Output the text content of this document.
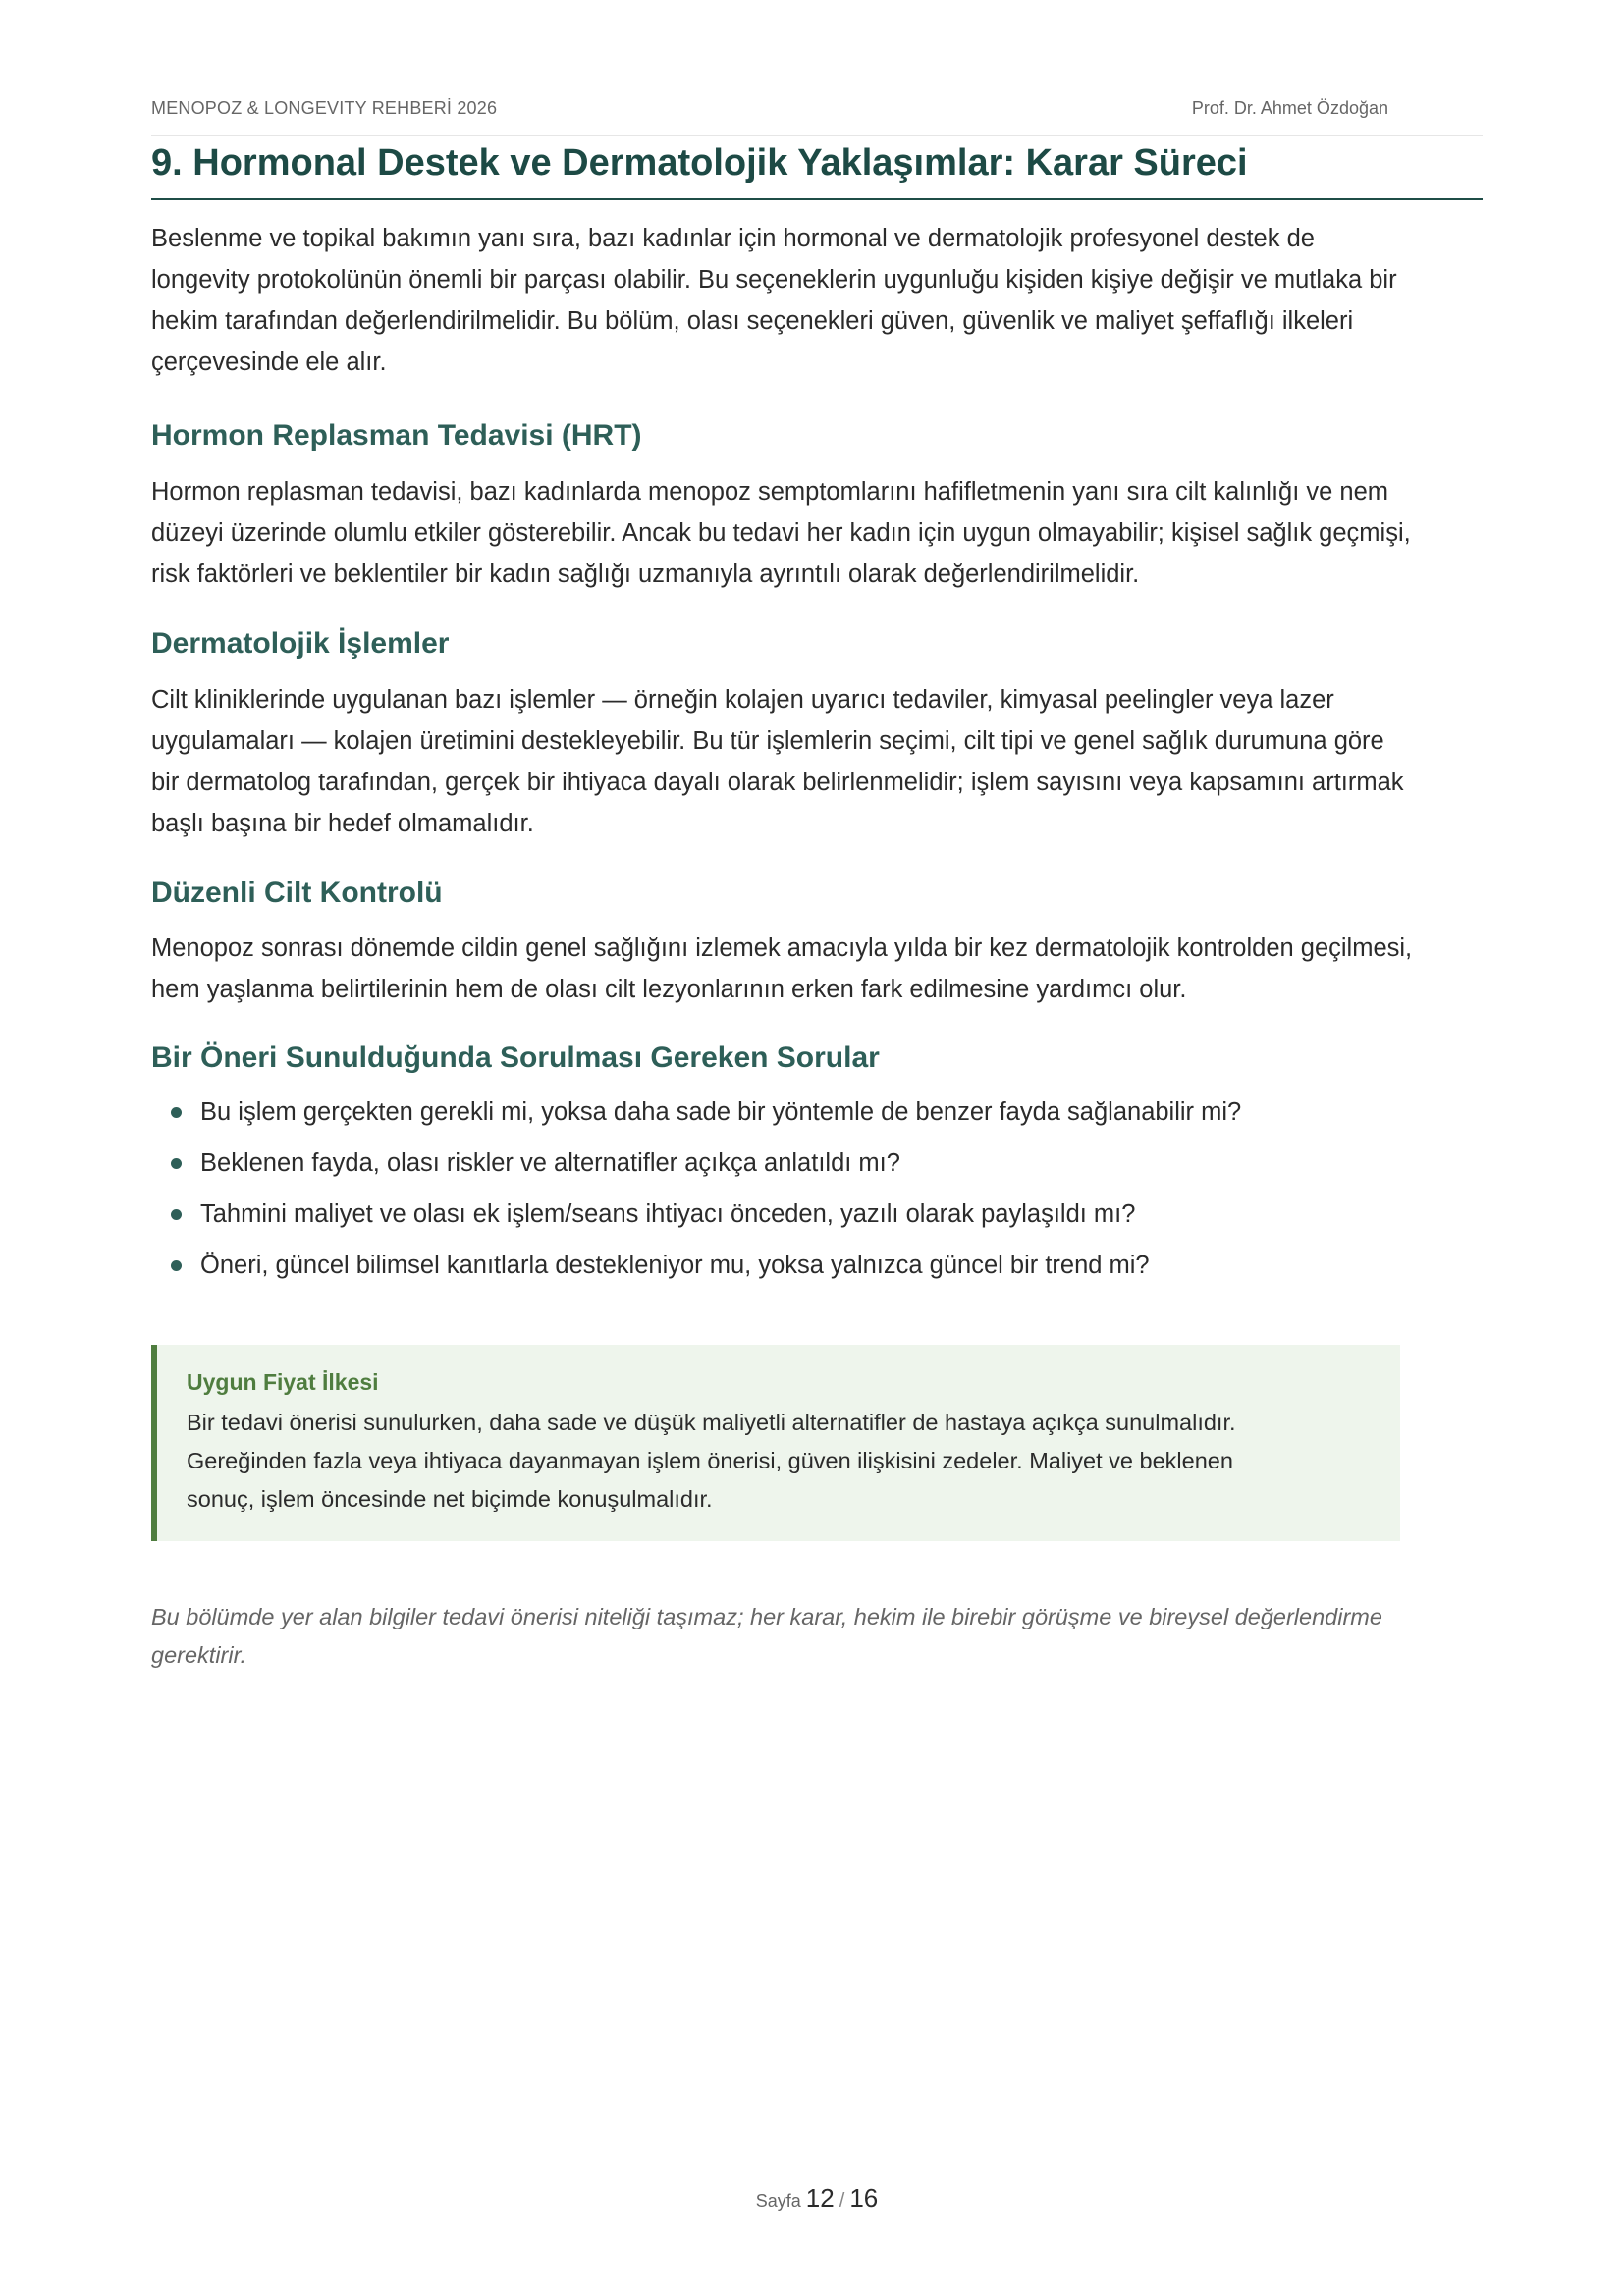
MENOPOZ & LONGEVITY REHBERİ 2026	Prof. Dr. Ahmet Özdoğan
9. Hormonal Destek ve Dermatolojik Yaklaşımlar: Karar Süreci

Beslenme ve topikal bakımın yanı sıra, bazı kadınlar için hormonal ve dermatolojik profesyonel destek de
longevity protokolünün önemli bir parçası olabilir. Bu seçeneklerin uygunluğu kişiden kişiye değişir ve mutlaka bir
hekim tarafından değerlendirilmelidir. Bu bölüm, olası seçenekleri güven, güvenlik ve maliyet şeffaflığı ilkeleri
çerçevesinde ele alır.

Hormon Replasman Tedavisi (HRT)

Hormon replasman tedavisi, bazı kadınlarda menopoz semptomlarını hafifletmenin yanı sıra cilt kalınlığı ve nem
düzeyi üzerinde olumlu etkiler gösterebilir. Ancak bu tedavi her kadın için uygun olmayabilir; kişisel sağlık geçmişi,
risk faktörleri ve beklentiler bir kadın sağlığı uzmanıyla ayrıntılı olarak değerlendirilmelidir.

Dermatolojik İşlemler

Cilt kliniklerinde uygulanan bazı işlemler — örneğin kolajen uyarıcı tedaviler, kimyasal peelingler veya lazer
uygulamaları — kolajen üretimini destekleyebilir. Bu tür işlemlerin seçimi, cilt tipi ve genel sağlık durumuna göre
bir dermatolog tarafından, gerçek bir ihtiyaca dayalı olarak belirlenmelidir; işlem sayısını veya kapsamını artırmak
başlı başına bir hedef olmamalıdır.

Düzenli Cilt Kontrolü

Menopoz sonrası dönemde cildin genel sağlığını izlemek amacıyla yılda bir kez dermatolojik kontrolden geçilmesi,
hem yaşlanma belirtilerinin hem de olası cilt lezyonlarının erken fark edilmesine yardımcı olur.

Bir Öneri Sunulduğunda Sorulması Gereken Sorular
Bu işlem gerçekten gerekli mi, yoksa daha sade bir yöntemle de benzer fayda sağlanabilir mi?
Beklenen fayda, olası riskler ve alternatifler açıkça anlatıldı mı?
Tahmini maliyet ve olası ek işlem/seans ihtiyacı önceden, yazılı olarak paylaşıldı mı?
Öneri, güncel bilimsel kanıtlarla destekleniyor mu, yoksa yalnızca güncel bir trend mi?

Uygun Fiyat İlkesi

Bir tedavi önerisi sunulurken, daha sade ve düşük maliyetli alternatifler de hastaya açıkça sunulmalıdır.
Gereğinden fazla veya ihtiyaca dayanmayan işlem önerisi, güven ilişkisini zedeler. Maliyet ve beklenen
sonuç, işlem öncesinde net biçimde konuşulmalıdır.

Bu bölümde yer alan bilgiler tedavi önerisi niteliği taşımaz; her karar, hekim ile birebir görüşme ve bireysel değerlendirme
gerektirir.

Sayfa 12 / 16
